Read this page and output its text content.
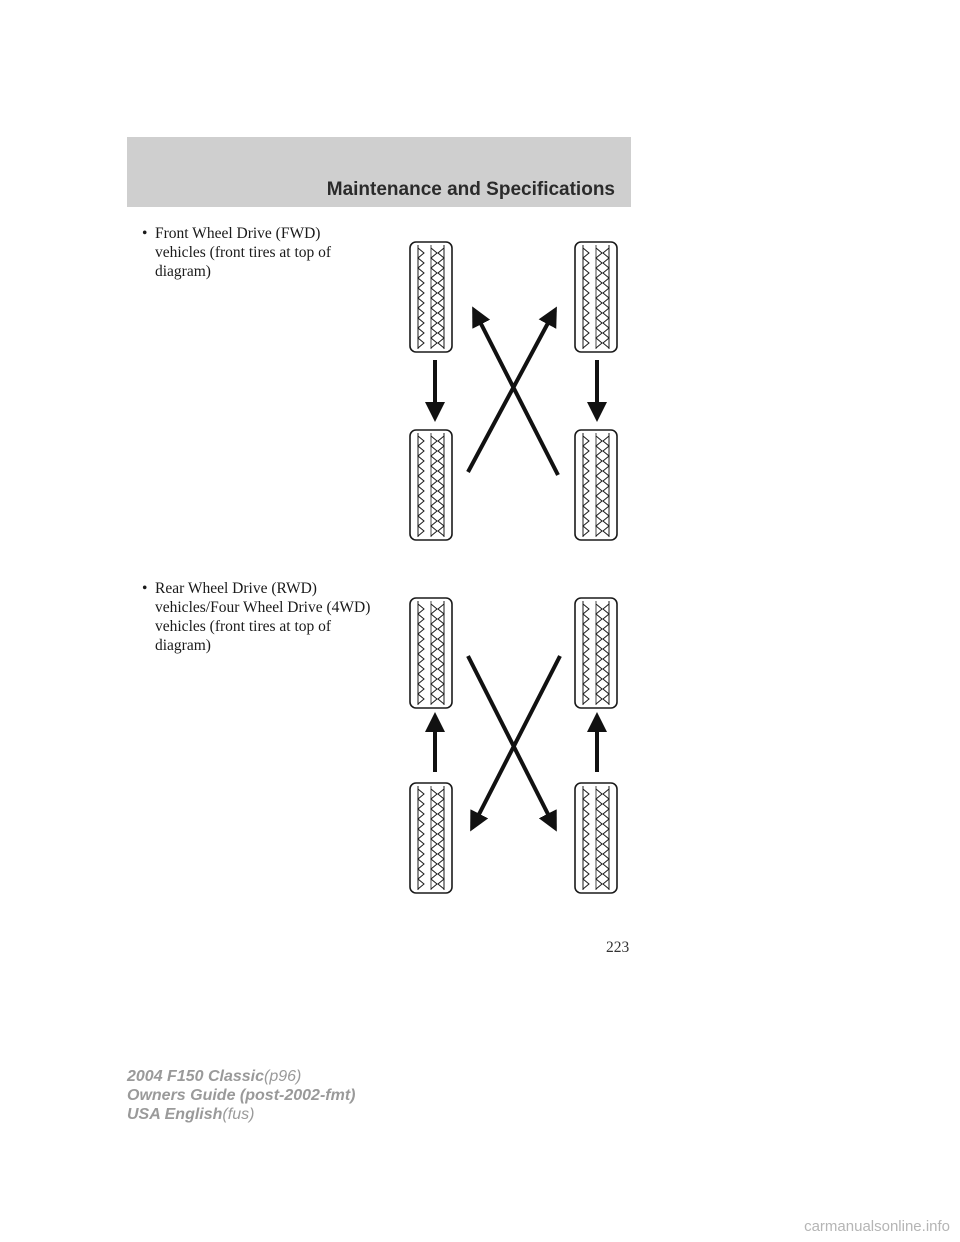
Maintenance and Specifications
• Front Wheel Drive (FWD)

vehicles (front tires at top of

diagram)

• Rear Wheel Drive (RWD)

vehicles/Four Wheel Drive (4WD)

vehicles (front tires at top of

diagram)

223
2004 F150 Classic(p96)
Owners Guide (post-2002-fmt)
USA English(fus)
carmanualsonline.info
